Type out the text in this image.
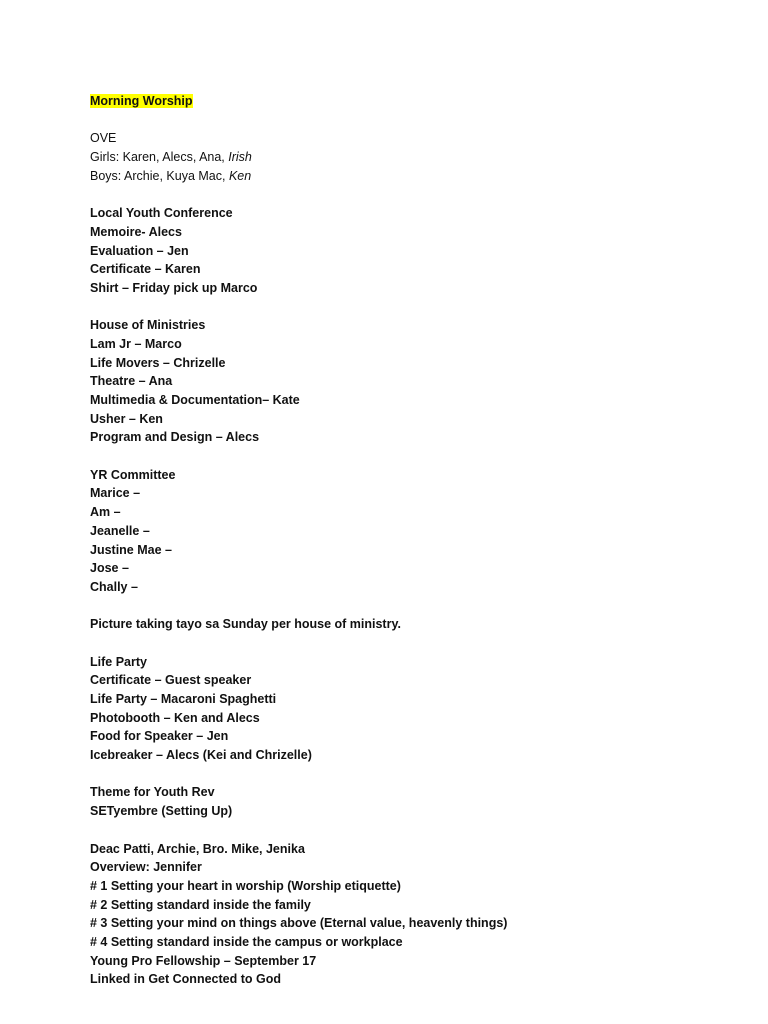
Morning Worship
OVE
Girls: Karen, Alecs, Ana, Irish
Boys: Archie, Kuya Mac, Ken
Local Youth Conference
Memoire- Alecs
Evaluation – Jen
Certificate – Karen
Shirt – Friday pick up Marco
House of Ministries
Lam Jr – Marco
Life Movers – Chrizelle
Theatre – Ana
Multimedia & Documentation– Kate
Usher – Ken
Program and Design – Alecs
YR Committee
Marice –
Am –
Jeanelle –
Justine Mae –
Jose –
Chally –
Picture taking tayo sa Sunday per house of ministry.
Life Party
Certificate – Guest speaker
Life Party – Macaroni Spaghetti
Photobooth – Ken and Alecs
Food for Speaker – Jen
Icebreaker – Alecs (Kei and Chrizelle)
Theme for Youth Rev
SETyembre (Setting Up)
Deac Patti, Archie, Bro. Mike, Jenika
Overview: Jennifer
# 1 Setting your heart in worship (Worship etiquette)
# 2 Setting standard inside the family
# 3 Setting your mind on things above (Eternal value, heavenly things)
# 4 Setting standard inside the campus or workplace
Young Pro Fellowship – September 17
Linked in Get Connected to God
